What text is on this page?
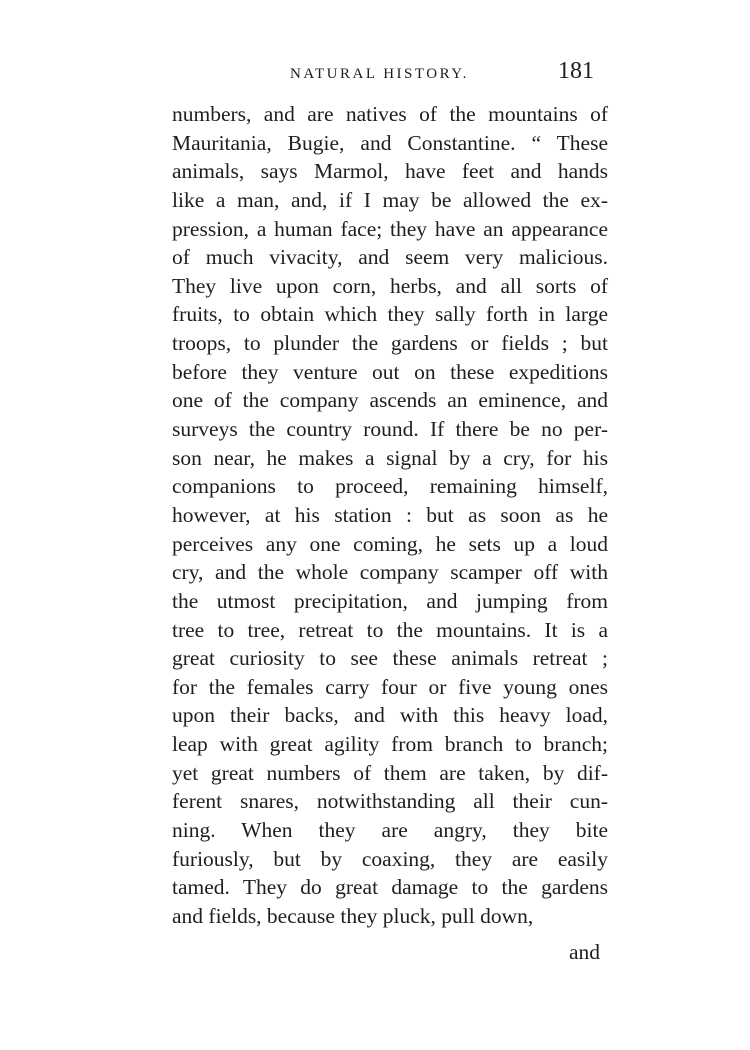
NATURAL HISTORY.	181
numbers, and are natives of the mountains of
Mauritania, Bugie, and Constantine. “ These
animals, says Marmol, have feet and hands
like a man, and, if I may be allowed the ex-
pression, a human face; they have an appearance
of much vivacity, and seem very malicious.
They live upon corn, herbs, and all sorts of
fruits, to obtain which they sally forth in large
troops, to plunder the gardens or fields ; but
before they venture out on these expeditions
one of the company ascends an eminence, and
surveys the country round. If there be no per-
son near, he makes a signal by a cry, for his
companions to proceed, remaining himself,
however, at his station : but as soon as he
perceives any one coming, he sets up a loud
cry, and the whole company scamper off with
the utmost precipitation, and jumping from
tree to tree, retreat to the mountains. It is a
great curiosity to see these animals retreat ;
for the females carry four or five young ones
upon their backs, and with this heavy load,
leap with great agility from branch to branch;
yet great numbers of them are taken, by dif-
ferent snares, notwithstanding all their cun-
ning. When they are angry, they bite
furiously, but by coaxing, they are easily
tamed. They do great damage to the gardens
and fields, because they pluck, pull down,
and
